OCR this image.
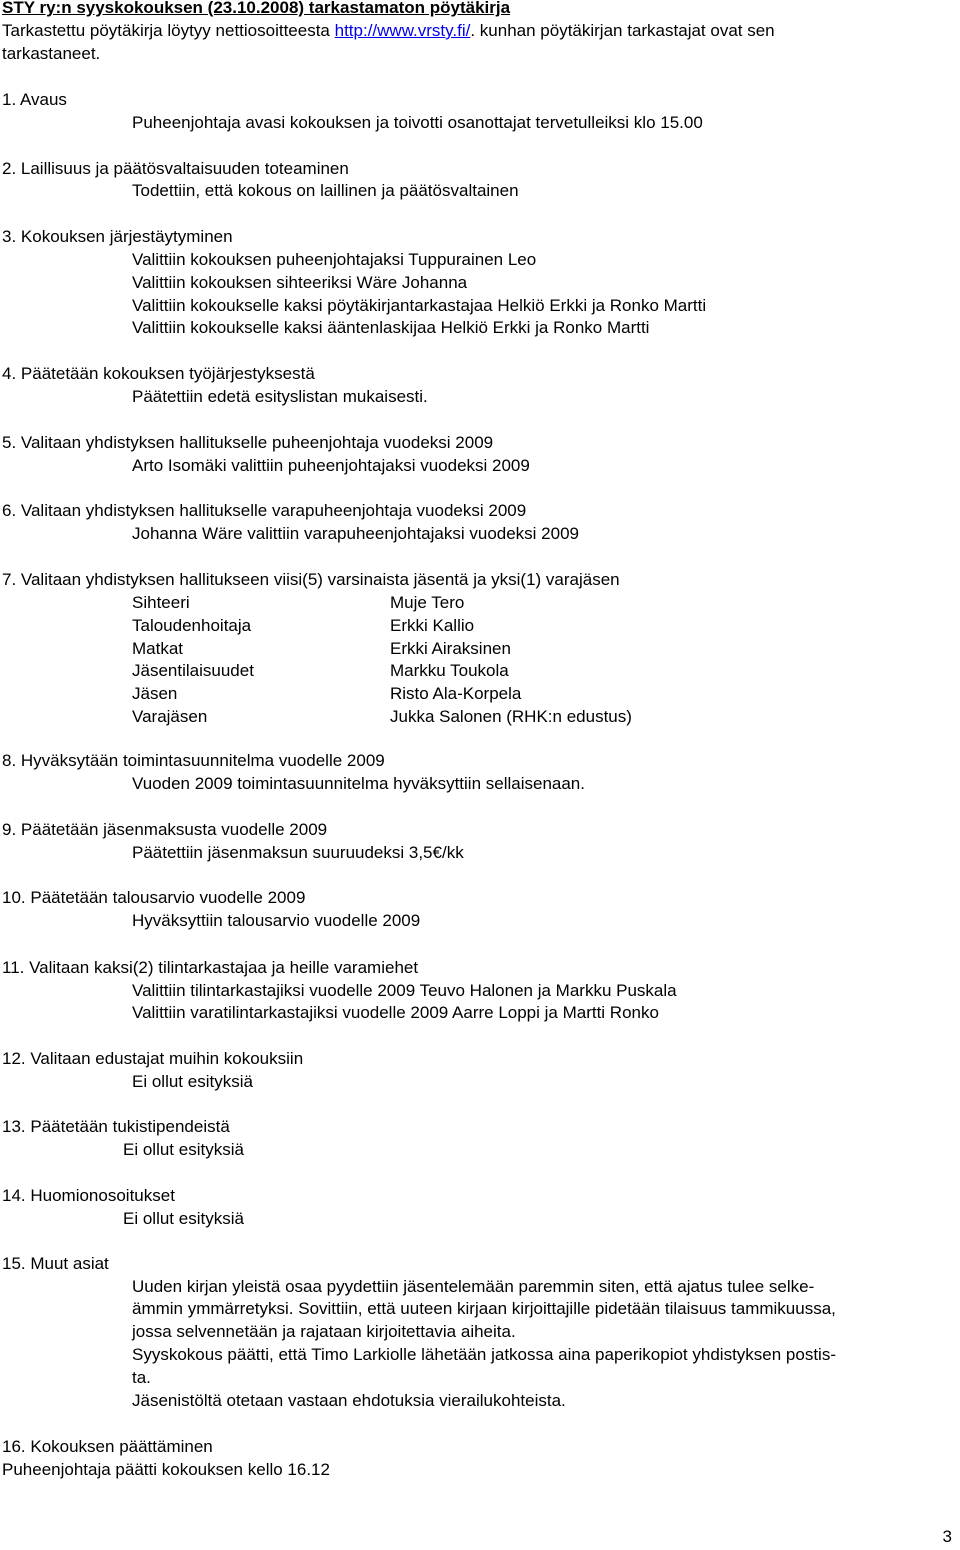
STY ry:n syyskokouksen (23.10.2008) tarkastamaton pöytäkirja
Tarkastettu pöytäkirja löytyy nettiosoitteesta http://www.vrsty.fi/. kunhan pöytäkirjan tarkastajat ovat sen
tarkastaneet.
1. Avaus
Puheenjohtaja avasi kokouksen ja toivotti osanottajat tervetulleiksi klo 15.00
2. Laillisuus ja päätösvaltaisuuden toteaminen
Todettiin, että kokous on laillinen ja päätösvaltainen
3. Kokouksen järjestäytyminen
Valittiin kokouksen puheenjohtajaksi Tuppurainen Leo
Valittiin kokouksen sihteeriksi Wäre Johanna
Valittiin kokoukselle kaksi pöytäkirjantarkastajaa Helkiö Erkki ja Ronko Martti
Valittiin kokoukselle kaksi ääntenlaskijaa Helkiö Erkki ja Ronko Martti
4. Päätetään kokouksen työjärjestyksestä
Päätettiin edetä esityslistan mukaisesti.
5. Valitaan yhdistyksen hallitukselle puheenjohtaja vuodeksi 2009
Arto Isomäki valittiin puheenjohtajaksi vuodeksi 2009
6. Valitaan yhdistyksen hallitukselle varapuheenjohtaja vuodeksi 2009
Johanna Wäre valittiin varapuheenjohtajaksi vuodeksi 2009
7. Valitaan yhdistyksen hallitukseen viisi(5) varsinaista jäsentä ja yksi(1) varajäsen
Sihteeri	Muje Tero
Taloudenhoitaja	Erkki Kallio
Matkat	Erkki Airaksinen
Jäsentilaisuudet	Markku Toukola
Jäsen	Risto Ala-Korpela
Varajäsen	Jukka Salonen (RHK:n edustus)
8. Hyväksytään toimintasuunnitelma vuodelle 2009
Vuoden 2009 toimintasuunnitelma hyväksyttiin sellaisenaan.
9. Päätetään jäsenmaksusta vuodelle 2009
Päätettiin jäsenmaksun suuruudeksi 3,5€/kk
10. Päätetään talousarvio vuodelle 2009
Hyväksyttiin talousarvio vuodelle 2009
11. Valitaan kaksi(2) tilintarkastajaa ja heille varamiehet
Valittiin tilintarkastajiksi vuodelle 2009 Teuvo Halonen ja Markku Puskala
Valittiin varatilintarkastajiksi vuodelle 2009 Aarre Loppi ja Martti Ronko
12. Valitaan edustajat muihin kokouksiin
Ei ollut esityksiä
13. Päätetään tukistipendeistä
Ei ollut esityksiä
14. Huomionosoitukset
Ei ollut esityksiä
15. Muut asiat
Uuden kirjan yleistä osaa pyydettiin jäsentelemään paremmin siten, että ajatus tulee selke-
ämmin ymmärretyksi. Sovittiin, että uuteen kirjaan kirjoittajille pidetään tilaisuus tammikuussa,
jossa selvennetään ja rajataan kirjoitettavia aiheita.
Syyskokous päätti, että Timo Larkiolle lähetään jatkossa aina paperikopiot yhdistyksen postis-
ta.
Jäsenistöltä otetaan vastaan ehdotuksia vierailukohteista.
16. Kokouksen päättäminen
Puheenjohtaja päätti kokouksen kello 16.12
3
